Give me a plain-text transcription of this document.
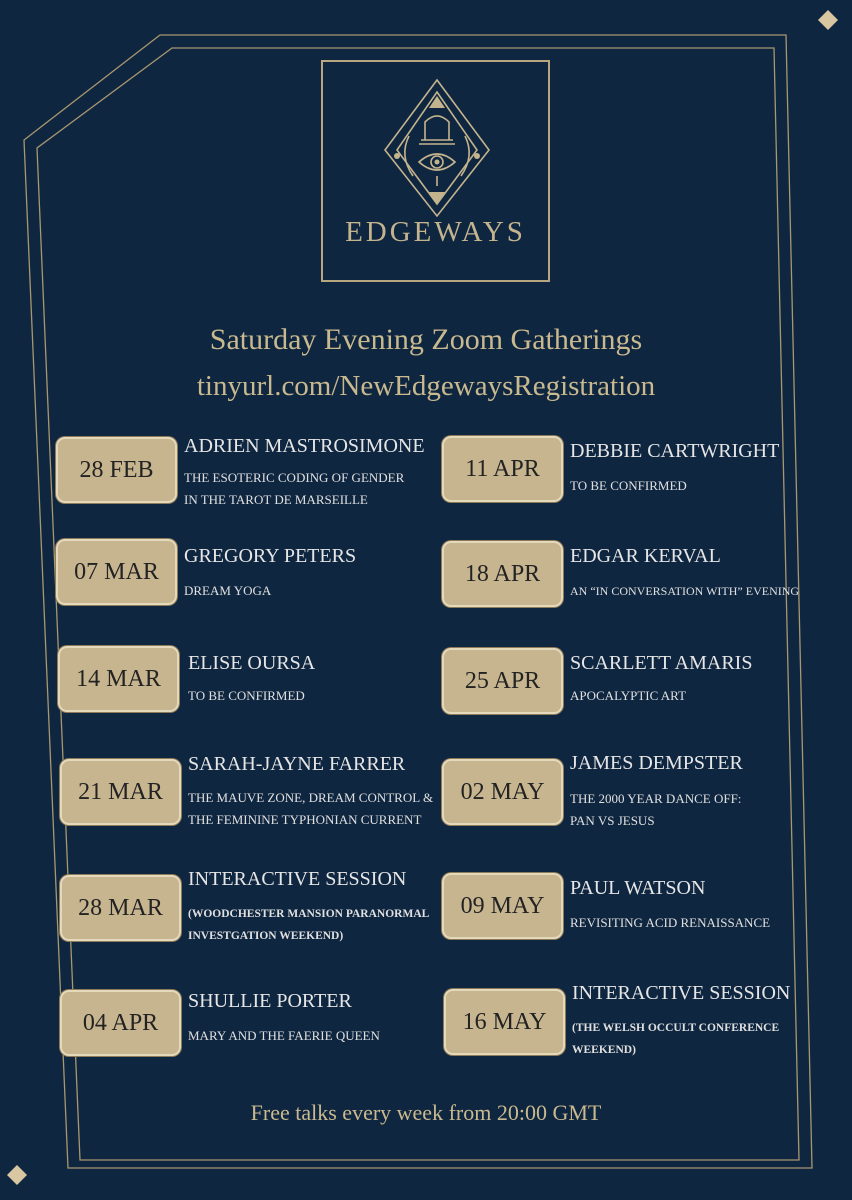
EDGEWAYS
Saturday Evening Zoom Gatherings
tinyurl.com/NewEdgewaysRegistration
28 FEB
ADRIEN MASTROSIMONE
THE ESOTERIC CODING OF GENDER
IN THE TAROT DE MARSEILLE
07 MAR
GREGORY PETERS
DREAM YOGA
14 MAR
ELISE OURSA
TO BE CONFIRMED
21 MAR
SARAH-JAYNE FARRER
THE MAUVE ZONE, DREAM CONTROL &
THE FEMININE TYPHONIAN CURRENT
28 MAR
INTERACTIVE SESSION
(WOODCHESTER MANSION PARANORMAL
INVESTGATION WEEKEND)
04 APR
SHULLIE PORTER
MARY AND THE FAERIE QUEEN
11 APR
DEBBIE CARTWRIGHT
TO BE CONFIRMED
18 APR
EDGAR KERVAL
AN “IN CONVERSATION WITH” EVENING
25 APR
SCARLETT AMARIS
APOCALYPTIC ART
02 MAY
JAMES DEMPSTER
THE 2000 YEAR DANCE OFF:
PAN VS JESUS
09 MAY
PAUL WATSON
REVISITING ACID RENAISSANCE
16 MAY
INTERACTIVE SESSION
(THE WELSH OCCULT CONFERENCE
WEEKEND)
Free talks every week from 20:00 GMT
